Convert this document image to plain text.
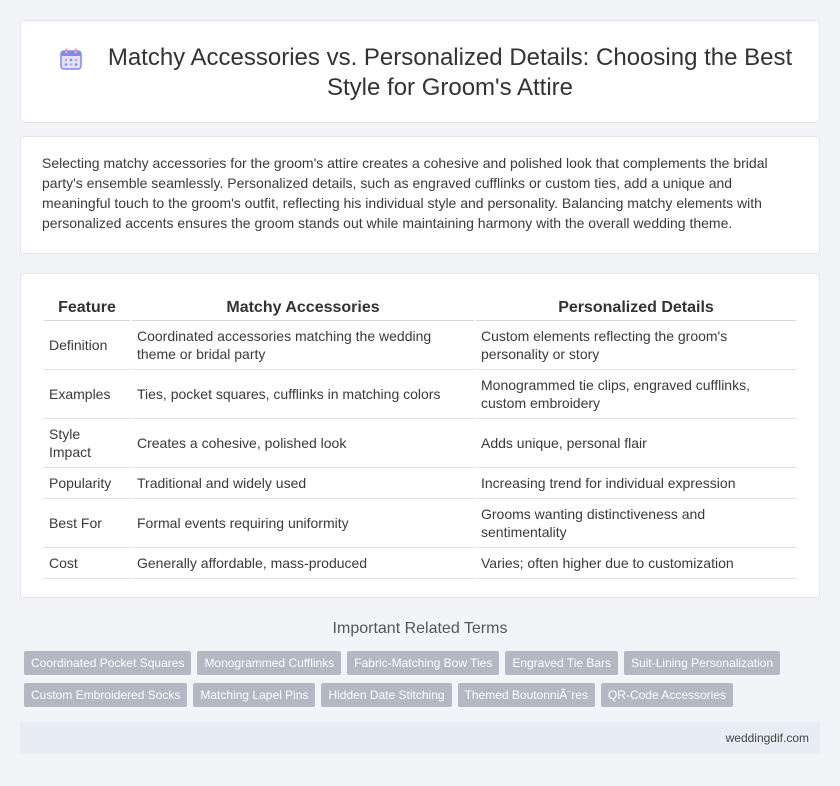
Matchy Accessories vs. Personalized Details: Choosing the Best Style for Groom's Attire

Selecting matchy accessories for the groom's attire creates a cohesive and polished look that complements the bridal party's ensemble seamlessly. Personalized details, such as engraved cufflinks or custom ties, add a unique and meaningful touch to the groom's outfit, reflecting his individual style and personality. Balancing matchy elements with personalized accents ensures the groom stands out while maintaining harmony with the overall wedding theme.

Feature	Matchy Accessories	Personalized Details
Definition	Coordinated accessories matching the wedding theme or bridal party	Custom elements reflecting the groom's personality or story
Examples	Ties, pocket squares, cufflinks in matching colors	Monogrammed tie clips, engraved cufflinks, custom embroidery
Style Impact	Creates a cohesive, polished look	Adds unique, personal flair
Popularity	Traditional and widely used	Increasing trend for individual expression
Best For	Formal events requiring uniformity	Grooms wanting distinctiveness and sentimentality
Cost	Generally affordable, mass-produced	Varies; often higher due to customization
Important Related Terms
Coordinated Pocket Squares	Monogrammed Cufflinks	Fabric-Matching Bow Ties	Engraved Tie Bars	Suit-Lining Personalization
Custom Embroidered Socks	Matching Lapel Pins	Hidden Date Stitching	Themed BoutonniÃ¨res	QR-Code Accessories
weddingdif.com
